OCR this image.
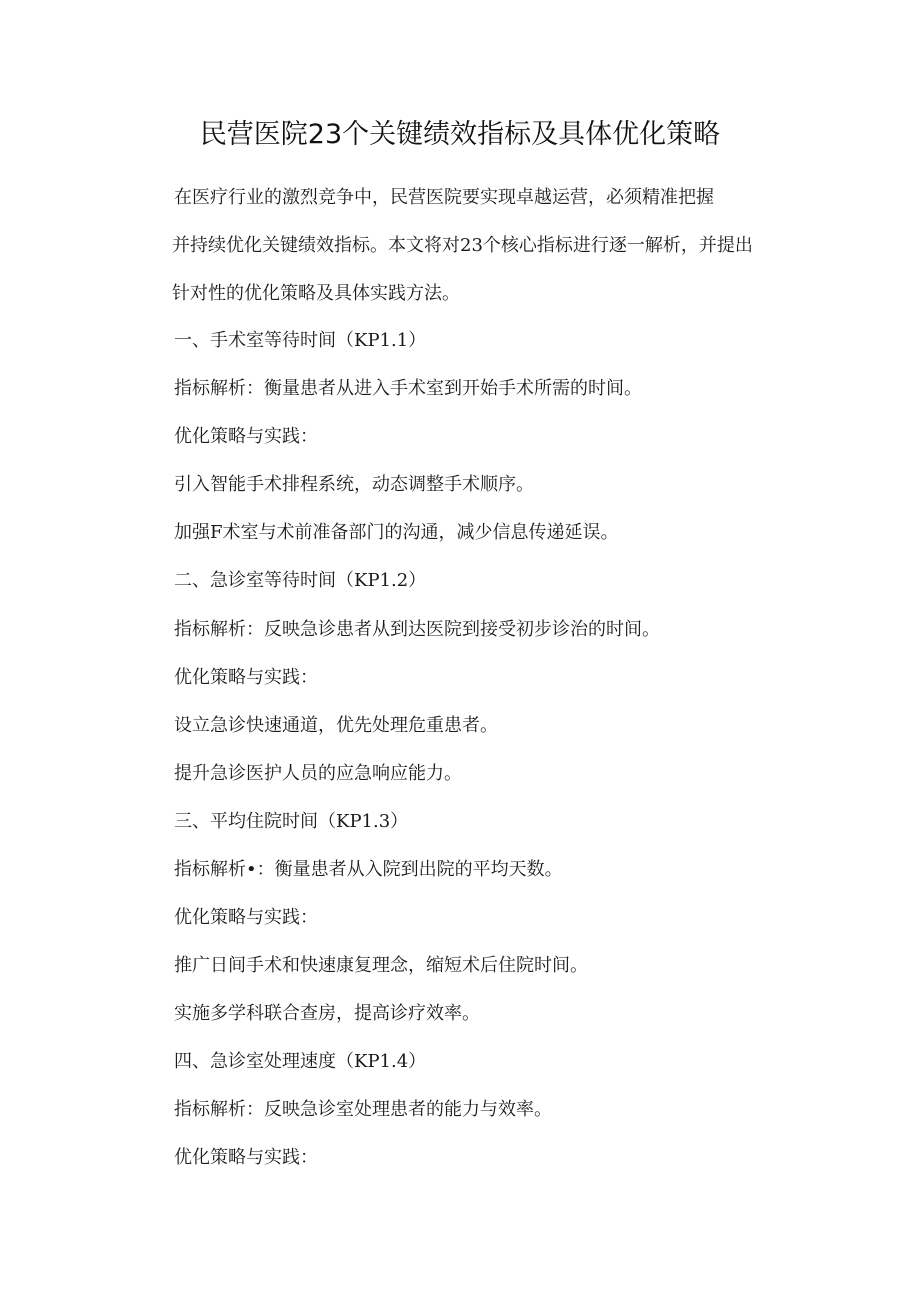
民营医院23个关键绩效指标及具体优化策略

在医疗行业的激烈竞争中，民营医院要实现卓越运营，必须精准把握
并持续优化关键绩效指标。本文将对23个核心指标进行逐一解析，并提出
针对性的优化策略及具体实践方法。

一、手术室等待时间（KP1.1）

指标解析：衡量患者从进入手术室到开始手术所需的时间。

优化策略与实践：

引入智能手术排程系统，动态调整手术顺序。

加强F术室与术前准备部门的沟通，减少信息传递延误。

二、急诊室等待时间（KP1.2）

指标解析：反映急诊患者从到达医院到接受初步诊治的时间。

优化策略与实践：

设立急诊快速通道，优先处理危重患者。

提升急诊医护人员的应急响应能力。

三、平均住院时间（KP1.3）

指标解析•：衡量患者从入院到出院的平均天数。

优化策略与实践：

推广日间手术和快速康复理念，缩短术后住院时间。

实施多学科联合查房，提高诊疗效率。

四、急诊室处理速度（KP1.4）

指标解析：反映急诊室处理患者的能力与效率。

优化策略与实践：
